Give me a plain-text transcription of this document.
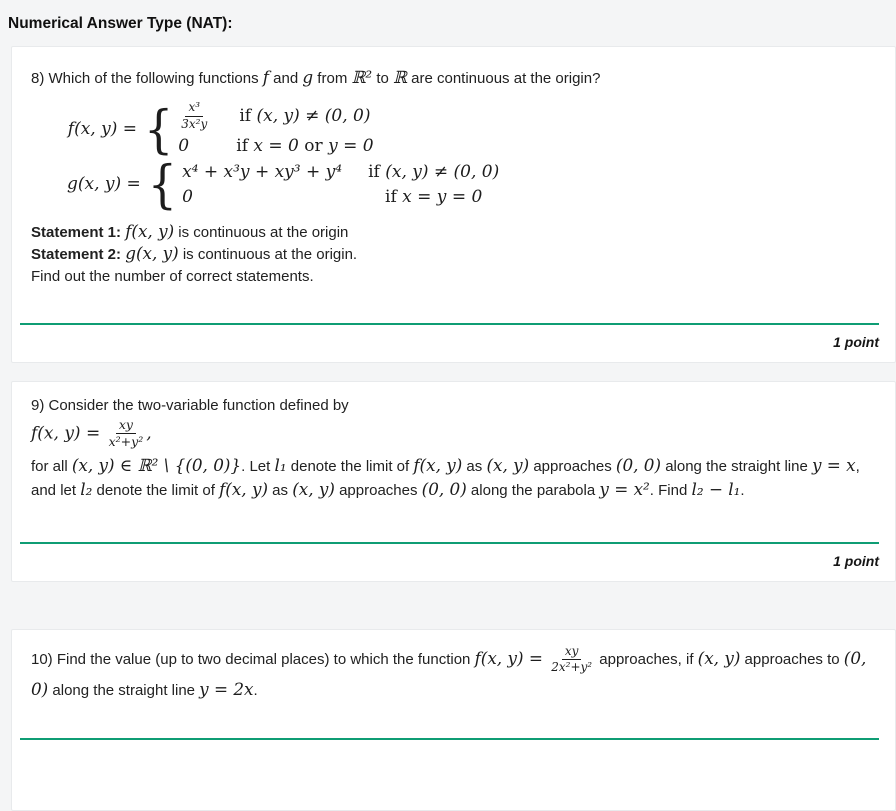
Numerical Answer Type (NAT):

8) Which of the following functions f and g from ℝ² to ℝ are continuous at the origin?

f(x, y) = { $\frac{\text{x³}}{\text{3x²y}}$ if (x, y) ≠ (0, 0)
0	if x = 0 or y = 0
g(x, y) = { x⁴ + x³y + xy³ + y⁴ if (x, y) ≠ (0, 0)
0	if x = y = 0

Statement 1: f(x, y) is continuous at the origin

Statement 2: g(x, y) is continuous at the origin.

Find out the number of correct statements.

1 point

9) Consider the two-variable function defined by

f(x, $y) = \frac{xy}{\text{x²+y²}}$ ,

for all (x, y) ∈ ℝ² \ {(0, 0)}. Let l₁ denote the limit of f(x, y) as (x, y) approaches (0, 0) along the straight line y = x, and let l₂ denote the limit of f(x, y) as (x, y) approaches (0, 0) along the parabola y = x². Find l₂ − l₁.

1 point

10) Find the value (up to two decimal places) to which the function f(x, $y) = \frac{xy}{\text{2x²+y²}}$ approaches, if (x, y) approaches to (0, 0) along the straight line y = 2x.
